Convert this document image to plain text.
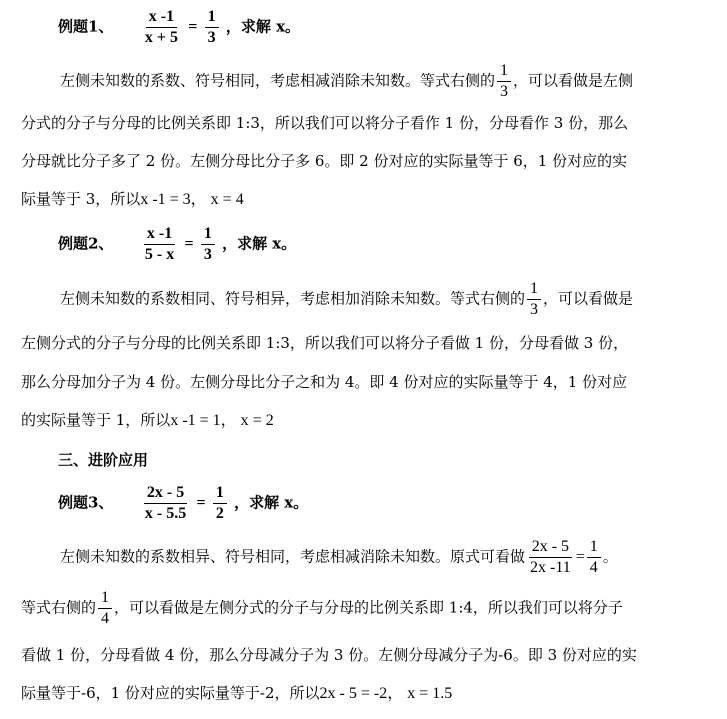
例题1、 $\frac{x -1}{x + 5} = \frac{1}{3}$ ，求解 x。
左侧未知数的系数、符号相同，考虑相减消除未知数。等式右侧的 $\frac{1}{3}$ ，可以看做是左侧
分式的分子与分母的比例关系即 1:3，所以我们可以将分子看作 1 份，分母看作 3 份，那么
分母就比分子多了 2 份。左侧分母比分子多 6。即 2 份对应的实际量等于 6，1 份对应的实
际量等于 3，所以x -1 = 3， x = 4
例题2、 $\frac{x -1}{5 - x} = \frac{1}{3}$ ，求解 x。
左侧未知数的系数相同、符号相异，考虑相加消除未知数。等式右侧的 $\frac{1}{3}$ ，可以看做是
左侧分式的分子与分母的比例关系即 1:3，所以我们可以将分子看做 1 份，分母看做 3 份，
那么分母加分子为 4 份。左侧分母比分子之和为 4。即 4 份对应的实际量等于 4，1 份对应
的实际量等于 1，所以x -1 = 1， x = 2
三、进阶应用
例题3、 $\frac{2x - 5}{x - 5.5} = \frac{1}{2}$ ，求解 x。
左侧未知数的系数相异、符号相同，考虑相减消除未知数。原式可看做 $\frac{2x - 5}{2x -11} = \frac{1}{4}$ 。
等式右侧的 $\frac{1}{4}$ ，可以看做是左侧分式的分子与分母的比例关系即 1:4，所以我们可以将分子
看做 1 份，分母看做 4 份，那么分母减分子为 3 份。左侧分母减分子为-6。即 3 份对应的实
际量等于-6，1 份对应的实际量等于-2，所以2x - 5 = -2， x = 1.5
